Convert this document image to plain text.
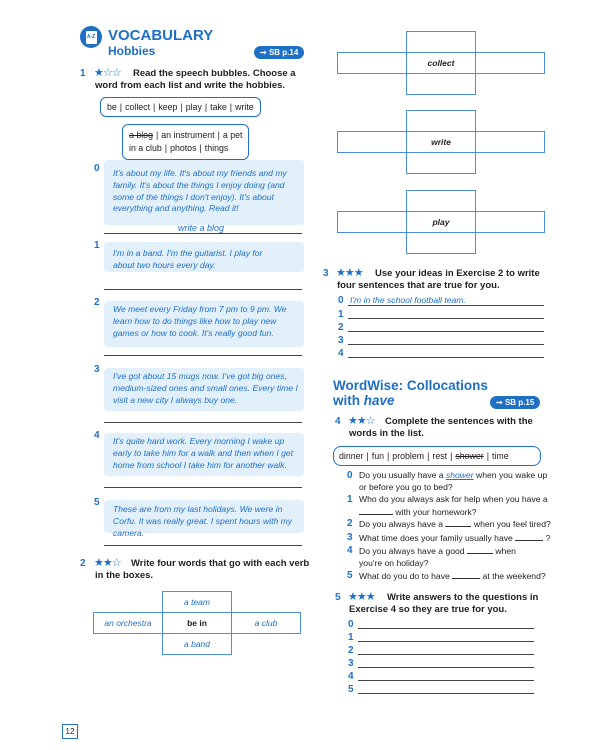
A-Z VOCABULARY
Hobbies	➞ SB p.14
1 ★☆☆	Read the speech bubbles. Choose a word from each list and write the hobbies.
be | collect | keep | play | take | write
a blog | an instrument | a pet
in a club | photos | things
0 It's about my life. It's about my friends and my family. It's about the things I enjoy doing (and some of the things I don't enjoy). It's about everything and anything. Read it!
write a blog
1
I'm in a band. I'm the guitarist. I play for about two hours every day.
2
We meet every Friday from 7 pm to 9 pm. We learn how to do things like how to play new games or how to cook. It's really good fun.
3
I've got about 15 mugs now. I've got big ones, medium-sized ones and small ones. Every time I visit a new city I always buy one.
4 It's quite hard work. Every morning I wake up early to take him for a walk and then when I get home from school I take him for another walk.
5
These are from my last holidays. We were in Corfu. It was really great. I spent hours with my camera.
2 ★★☆	Write four words that go with each verb in the boxes.
a team
an orchestra	be in	a club
a band
collect
write
play
3 ★★★	Use your ideas in Exercise 2 to write four sentences that are true for you.
0 I'm in the school football team.
1
2
3
4
WordWise: Collocations
with have	➞ SB p.15
4 ★★☆	Complete the sentences with the words in the list.
dinner | fun | problem | rest | shower | time
0 Do you usually have a shower when you wake up or before you go to bed?
1 Who do you always ask for help when you have a  with your homework?
2 Do you always have a	when you feel tired?
3 What time does your family usually have	?
4 Do you always have a good	when you're on holiday?
5 What do you do to have	at the weekend?
5 ★★★	Write answers to the questions in Exercise 4 so they are true for you.
0
1
2
3
4
5
12
